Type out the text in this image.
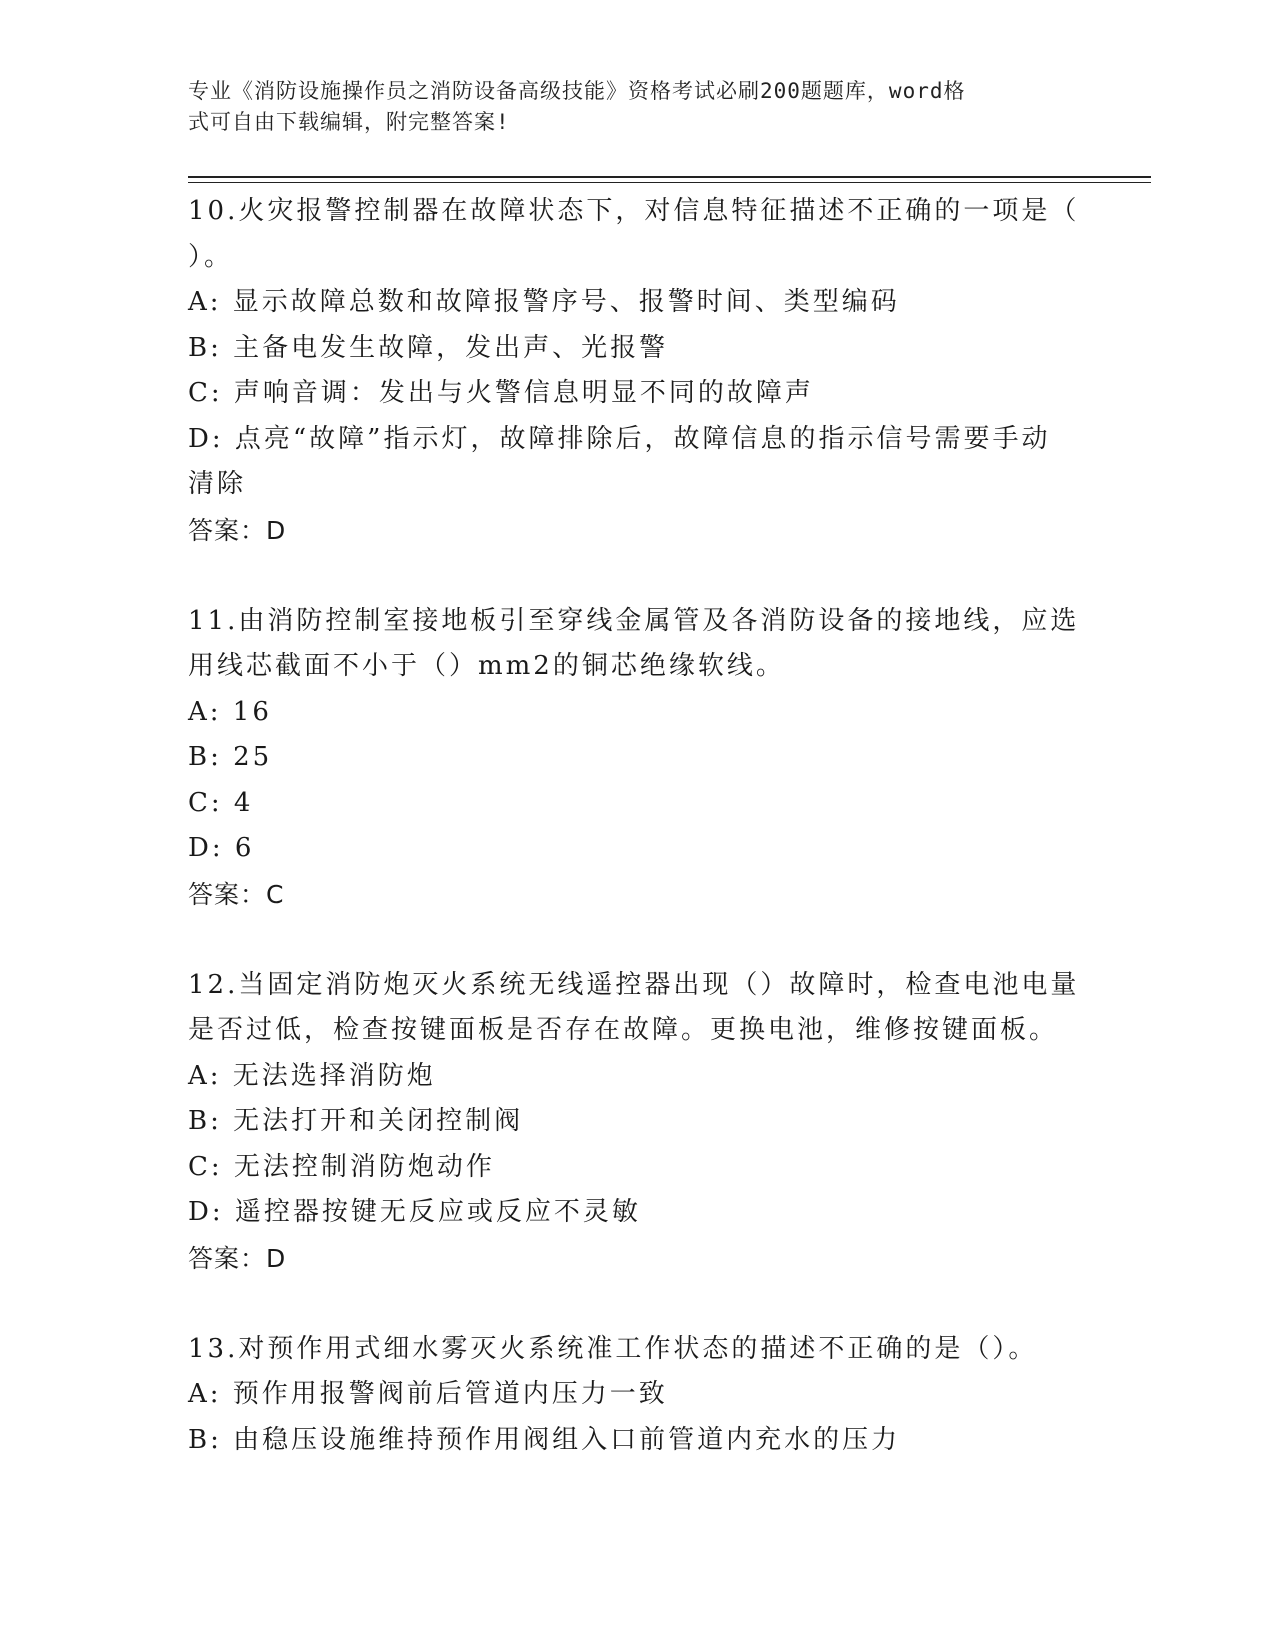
专业《消防设施操作员之消防设备高级技能》资格考试必刷200题题库，word格
式可自由下载编辑，附完整答案!
10.火灾报警控制器在故障状态下，对信息特征描述不正确的一项是（
）。
A: 显示故障总数和故障报警序号、报警时间、类型编码
B: 主备电发生故障，发出声、光报警
C: 声响音调：发出与火警信息明显不同的故障声
D: 点亮“故障”指示灯，故障排除后，故障信息的指示信号需要手动
清除
答案：D
11.由消防控制室接地板引至穿线金属管及各消防设备的接地线，应选
用线芯截面不小于（）mm2的铜芯绝缘软线。
A: 16
B: 25
C: 4
D: 6
答案：C
12.当固定消防炮灭火系统无线遥控器出现（）故障时，检查电池电量
是否过低，检查按键面板是否存在故障。更换电池，维修按键面板。
A: 无法选择消防炮
B: 无法打开和关闭控制阀
C: 无法控制消防炮动作
D: 遥控器按键无反应或反应不灵敏
答案：D
13.对预作用式细水雾灭火系统准工作状态的描述不正确的是（）。
A: 预作用报警阀前后管道内压力一致
B: 由稳压设施维持预作用阀组入口前管道内充水的压力
